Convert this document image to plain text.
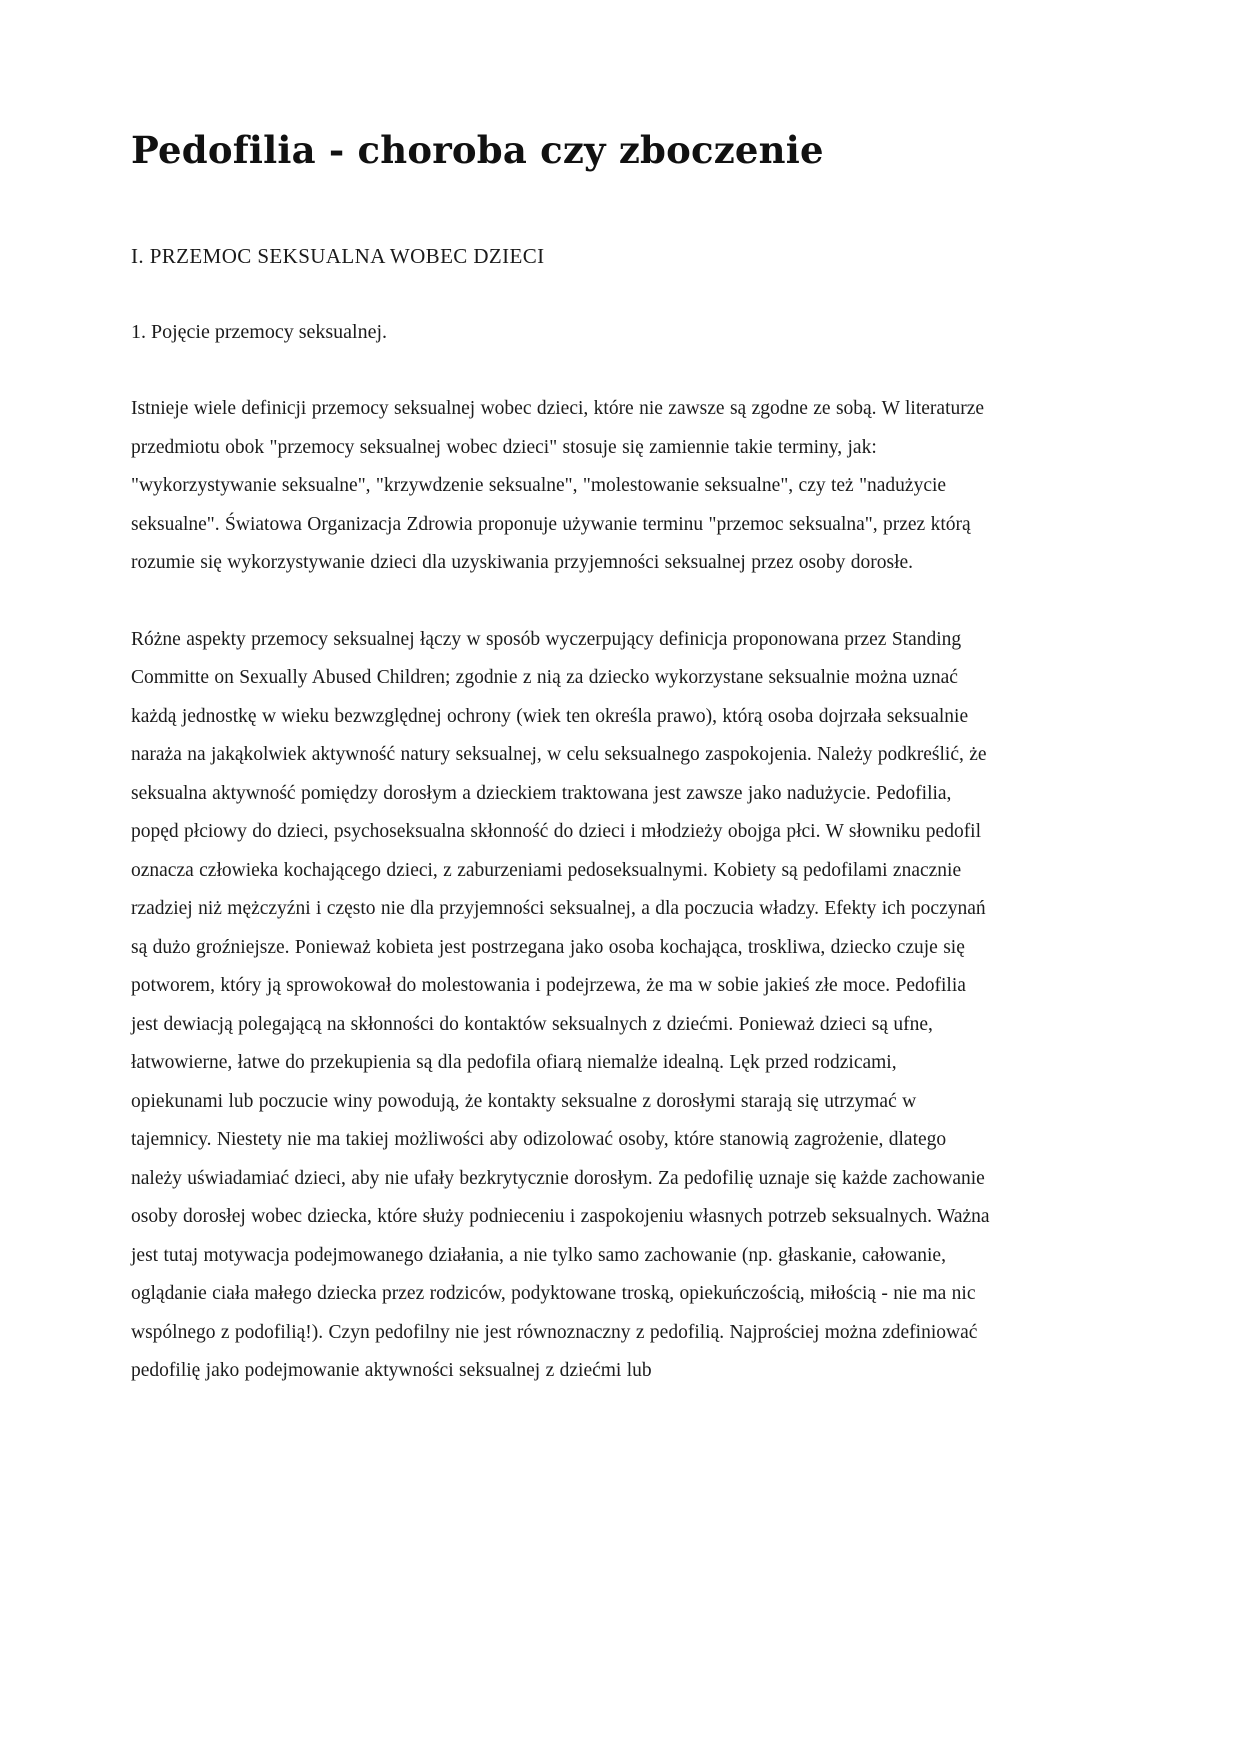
Pedofilia - choroba czy zboczenie
I. PRZEMOC SEKSUALNA WOBEC DZIECI
1. Pojęcie przemocy seksualnej.

Istnieje wiele definicji przemocy seksualnej wobec dzieci, które nie zawsze są zgodne ze sobą. W literaturze przedmiotu obok "przemocy seksualnej wobec dzieci" stosuje się zamiennie takie terminy, jak: "wykorzystywanie seksualne", "krzywdzenie seksualne", "molestowanie seksualne", czy też "nadużycie seksualne". Światowa Organizacja Zdrowia proponuje używanie terminu "przemoc seksualna", przez którą rozumie się wykorzystywanie dzieci dla uzyskiwania przyjemności seksualnej przez osoby dorosłe.

Różne aspekty przemocy seksualnej łączy w sposób wyczerpujący definicja proponowana przez Standing Committe on Sexually Abused Children; zgodnie z nią za dziecko wykorzystane seksualnie można uznać każdą jednostkę w wieku bezwzględnej ochrony (wiek ten określa prawo), którą osoba dojrzała seksualnie naraża na jakąkolwiek aktywność natury seksualnej, w celu seksualnego zaspokojenia. Należy podkreślić, że seksualna aktywność pomiędzy dorosłym a dzieckiem traktowana jest zawsze jako nadużycie. Pedofilia, popęd płciowy do dzieci, psychoseksualna skłonność do dzieci i młodzieży obojga płci. W słowniku pedofil oznacza człowieka kochającego dzieci, z zaburzeniami pedoseksualnymi. Kobiety są pedofilami znacznie rzadziej niż mężczyźni i często nie dla przyjemności seksualnej, a dla poczucia władzy. Efekty ich poczynań są dużo groźniejsze. Ponieważ kobieta jest postrzegana jako osoba kochająca, troskliwa, dziecko czuje się potworem, który ją sprowokował do molestowania i podejrzewa, że ma w sobie jakieś złe moce. Pedofilia jest dewiacją polegającą na skłonności do kontaktów seksualnych z dziećmi. Ponieważ dzieci są ufne, łatwowierne, łatwe do przekupienia są dla pedofila ofiarą niemalże idealną. Lęk przed rodzicami, opiekunami lub poczucie winy powodują, że kontakty seksualne z dorosłymi starają się utrzymać w tajemnicy. Niestety nie ma takiej możliwości aby odizolować osoby, które stanowią zagrożenie, dlatego należy uświadamiać dzieci, aby nie ufały bezkrytycznie dorosłym. Za pedofilię uznaje się każde zachowanie osoby dorosłej wobec dziecka, które służy podnieceniu i zaspokojeniu własnych potrzeb seksualnych. Ważna jest tutaj motywacja podejmowanego działania, a nie tylko samo zachowanie (np. głaskanie, całowanie, oglądanie ciała małego dziecka przez rodziców, podyktowane troską, opiekuńczością, miłością - nie ma nic wspólnego z podofilią!). Czyn pedofilny nie jest równoznaczny z pedofilią. Najprościej można zdefiniować pedofilię jako podejmowanie aktywności seksualnej z dziećmi lub
